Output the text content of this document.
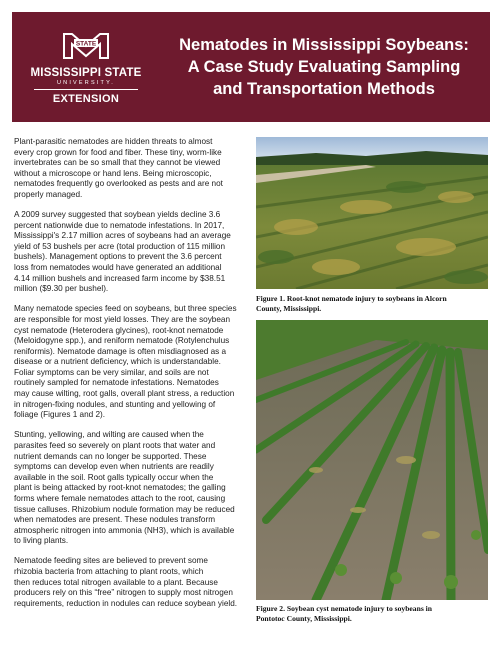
STATE
MISSISSIPPI STATE
UNIVERSITY.
EXTENSION
Nematodes in Mississippi Soybeans:
A Case Study Evaluating Sampling
and Transportation Methods

Plant-parasitic nematodes are hidden threats to almost
every crop grown for food and fiber. These tiny, worm-like
invertebrates can be so small that they cannot be viewed
without a microscope or hand lens. Being microscopic,
nematodes frequently go overlooked as pests and are not
properly managed.

A 2009 survey suggested that soybean yields decline 3.6
percent nationwide due to nematode infestations. In 2017,
Mississippi's 2.17 million acres of soybeans had an average
yield of 53 bushels per acre (total production of 115 million
bushels). Management options to prevent the 3.6 percent
loss from nematodes would have generated an additional
4.14 million bushels and increased farm income by $38.51
million ($9.30 per bushel).

Many nematode species feed on soybeans, but three species
are responsible for most yield losses. They are the soybean
cyst nematode (Heterodera glycines), root-knot nematode
(Meloidogyne spp.), and reniform nematode (Rotylenchulus
reniformis). Nematode damage is often misdiagnosed as a
disease or a nutrient deficiency, which is understandable.
Foliar symptoms can be very similar, and soils are not
routinely sampled for nematode infestations. Nematodes
may cause wilting, root galls, overall plant stress, a reduction
in nitrogen-fixing nodules, and stunting and yellowing of
foliage (Figures 1 and 2).

Stunting, yellowing, and wilting are caused when the
parasites feed so severely on plant roots that water and
nutrient demands can no longer be supported. These
symptoms can develop even when nutrients are readily
available in the soil. Root galls typically occur when the
plant is being attacked by root-knot nematodes; the galling
forms where female nematodes attach to the root, causing
tissue calluses. Rhizobium nodule formation may be reduced
when nematodes are present. These nodules transform
atmospheric nitrogen into ammonia (NH3), which is available
to living plants.

Nematode feeding sites are believed to prevent some
rhizobia bacteria from attaching to plant roots, which
then reduces total nitrogen available to a plant. Because
producers rely on this “free” nitrogen to supply most nitrogen
requirements, reduction in nodules can reduce soybean yield.

Figure 1. Root-knot nematode injury to soybeans in Alcorn
County, Mississippi.
Figure 2. Soybean cyst nematode injury to soybeans in
Pontotoc County, Mississippi.
